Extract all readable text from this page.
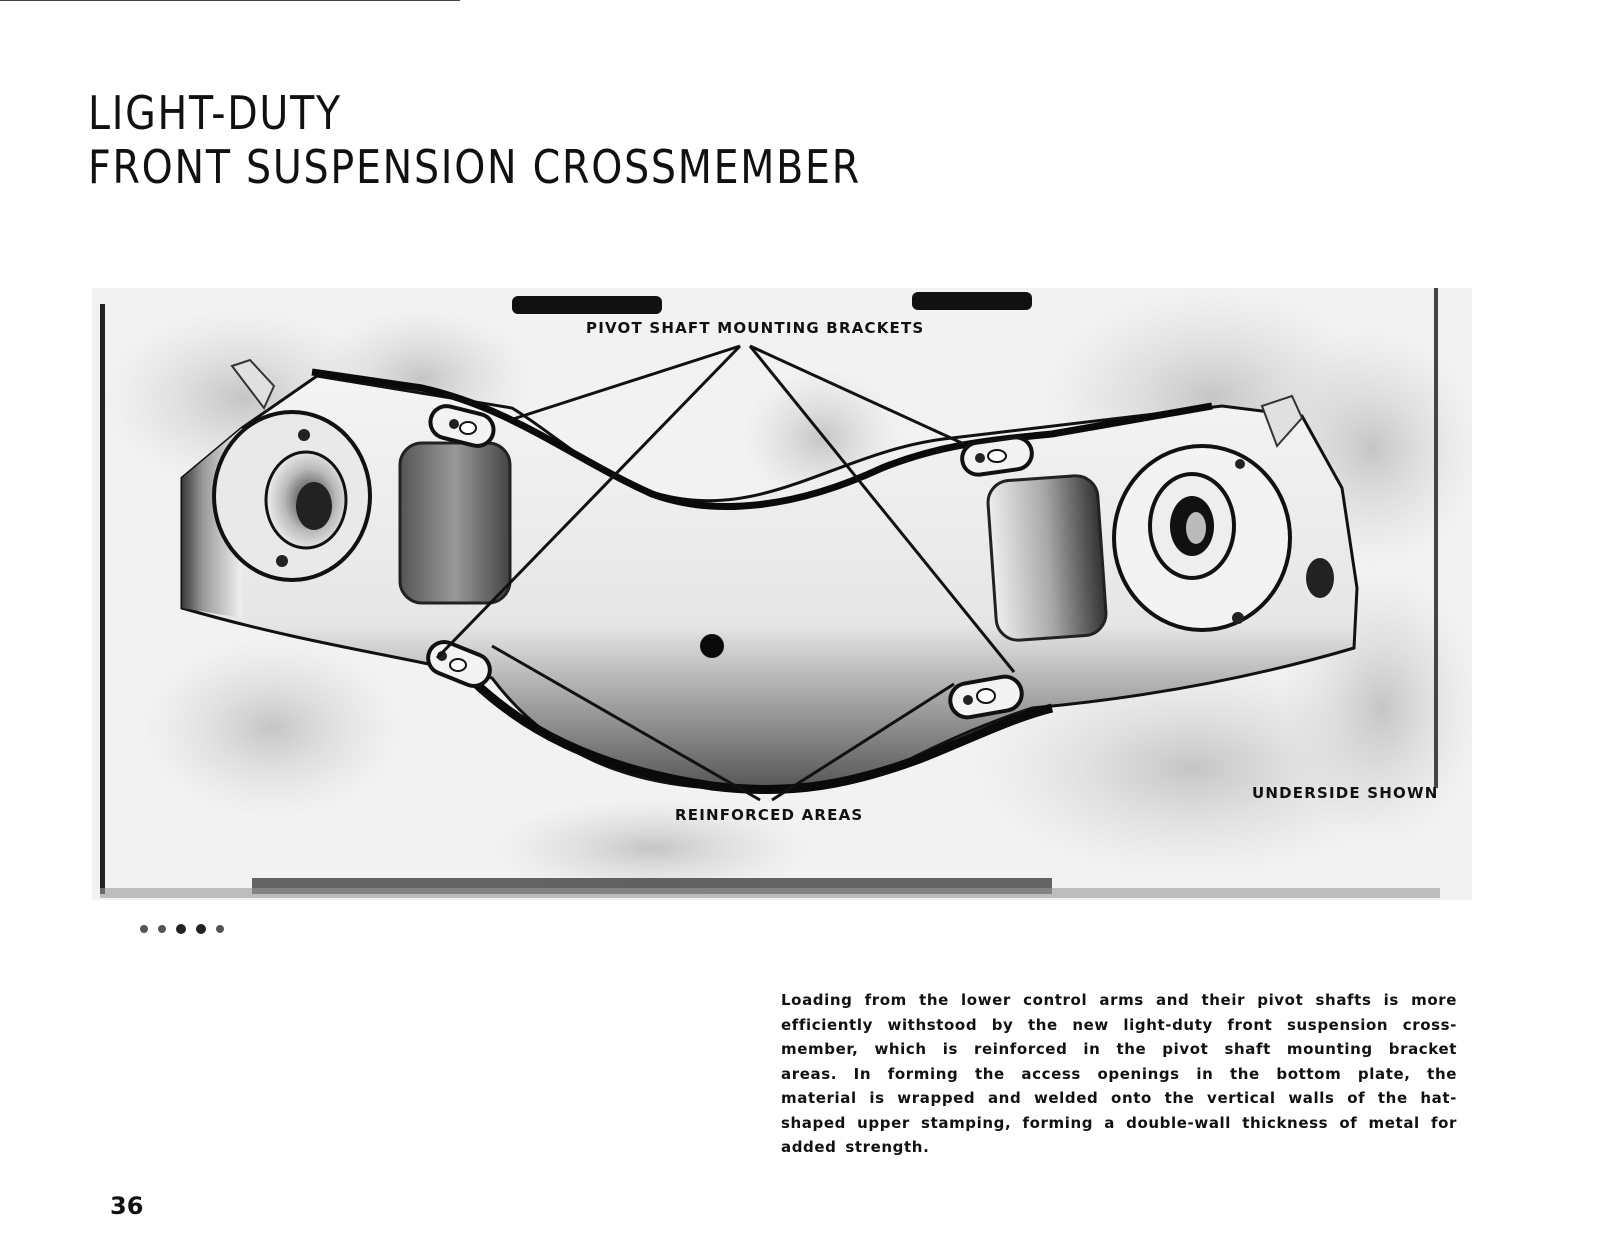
LIGHT-DUTY
FRONT SUSPENSION CROSSMEMBER
PIVOT SHAFT MOUNTING BRACKETS
REINFORCED AREAS
UNDERSIDE SHOWN

Loading from the lower control arms and their pivot shafts is more efficiently withstood by the new light-duty front suspension cross-member, which is reinforced in the pivot shaft mounting bracket areas. In forming the access openings in the bottom plate, the material is wrapped and welded onto the vertical walls of the hat-shaped upper stamping, forming a double-wall thickness of metal for added strength.

36
